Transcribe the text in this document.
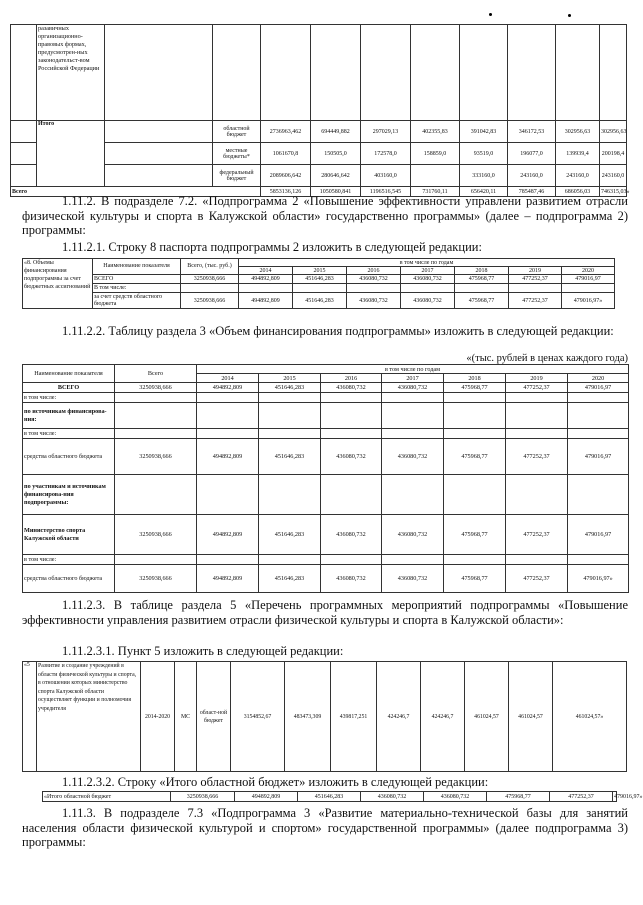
	разавичных организационно-правовых формах, предусмотрен-ных законодательст-вом Российской Федерации										
	Итого		областной бюджет	2736963,462	694449,882	297029,13	402355,83	391042,83	346172,53	302956,63	302956,63
			местные бюджеты*	1061670,8	150505,0	172578,0	158859,0	93519,0	196077,0	139939,4	200198,4
			федеральный бюджет	2089606,642	280646,642	403160,0		333160,0	243160,0	243160,0	243160,0
Всего				5853136,126	1050580,841	1196516,545	731760,11	656420,11	785487,46	686056,03	746315,03»
1.11.2. В подразделе 7.2. «Подпрограмма 2 «Повышение эффективности управлени развитием отрасли физической культуры и спорта в Калужской области» государственно программы» (далее – подпрограмма 2) программы:
1.11.2.1. Строку 8 паспорта подпрограммы 2 изложить в следующей редакции:
«8. Объемы финансирования подпрограммы за счет бюджетных ассигнований	Наименование показателя	Всего, (тыс. руб.)	в том числе по годам						
			2014	2015	2016	2017	2018	2019	2020
	ВСЕГО	3250938,666	494892,809	451646,283	436080,732	436080,732	475968,77	477252,37	479016,97
	В том числе:								
	за счет средств областного бюджета	3250938,666	494892,809	451646,283	436080,732	436080,732	475968,77	477252,37	479016,97»
1.11.2.2. Таблицу раздела 3 «Объем финансирования подпрограммы» изложить в следующей редакции:
«(тыс. рублей в ценах каждого года)
Наименование показателя	Всего	в том числе по годам						
		2014	2015	2016	2017	2018	2019	2020
ВСЕГО	3250938,666	494892,809	451646,283	436080,732	436080,732	475968,77	477252,37	479016,97
в том числе:								
по источникам финансирова-ния:								
в том числе:								
средства областного бюджета	3250938,666	494892,809	451646,283	436080,732	436080,732	475968,77	477252,37	479016,97
по участникам и источникам финансирова-ния подпрограммы:								
Министерство спорта Калужской области	3250938,666	494892,809	451646,283	436080,732	436080,732	475968,77	477252,37	479016,97
в том числе:								
средства областного бюджета	3250938,666	494892,809	451646,283	436080,732	436080,732	475968,77	477252,37	479016,97»
1.11.2.3. В таблице раздела 5 «Перечень программных мероприятий подпрограммы «Повышение эффективности управления развитием отрасли физической культуры и спорта в Калужской области»:
1.11.2.3.1. Пункт 5 изложить в следующей редакции:
«5	Развитие и создание учреждений в области физической культуры и спорта, в отношении которых министерство спорта Калужской области осуществляет функции и полномочия учредителя	2014-2020	МС	област-ной бюджет	3154852,67	483473,309	439817,251	424246,7	424246,7	461024,57	461024,57	461024,57»
1.11.2.3.2. Строку «Итого областной бюджет» изложить в следующей редакции:
«Итого областной бюджет	3250938,666	494892,809	451646,283	436080,732	436080,732	475968,77	477252,37	479016,97»
1.11.3. В подразделе 7.3 «Подпрограмма 3 «Развитие материально-технической базы для занятий населения области физической культурой и спортом» государственной программы» (далее подпрограмма 3) программы:
